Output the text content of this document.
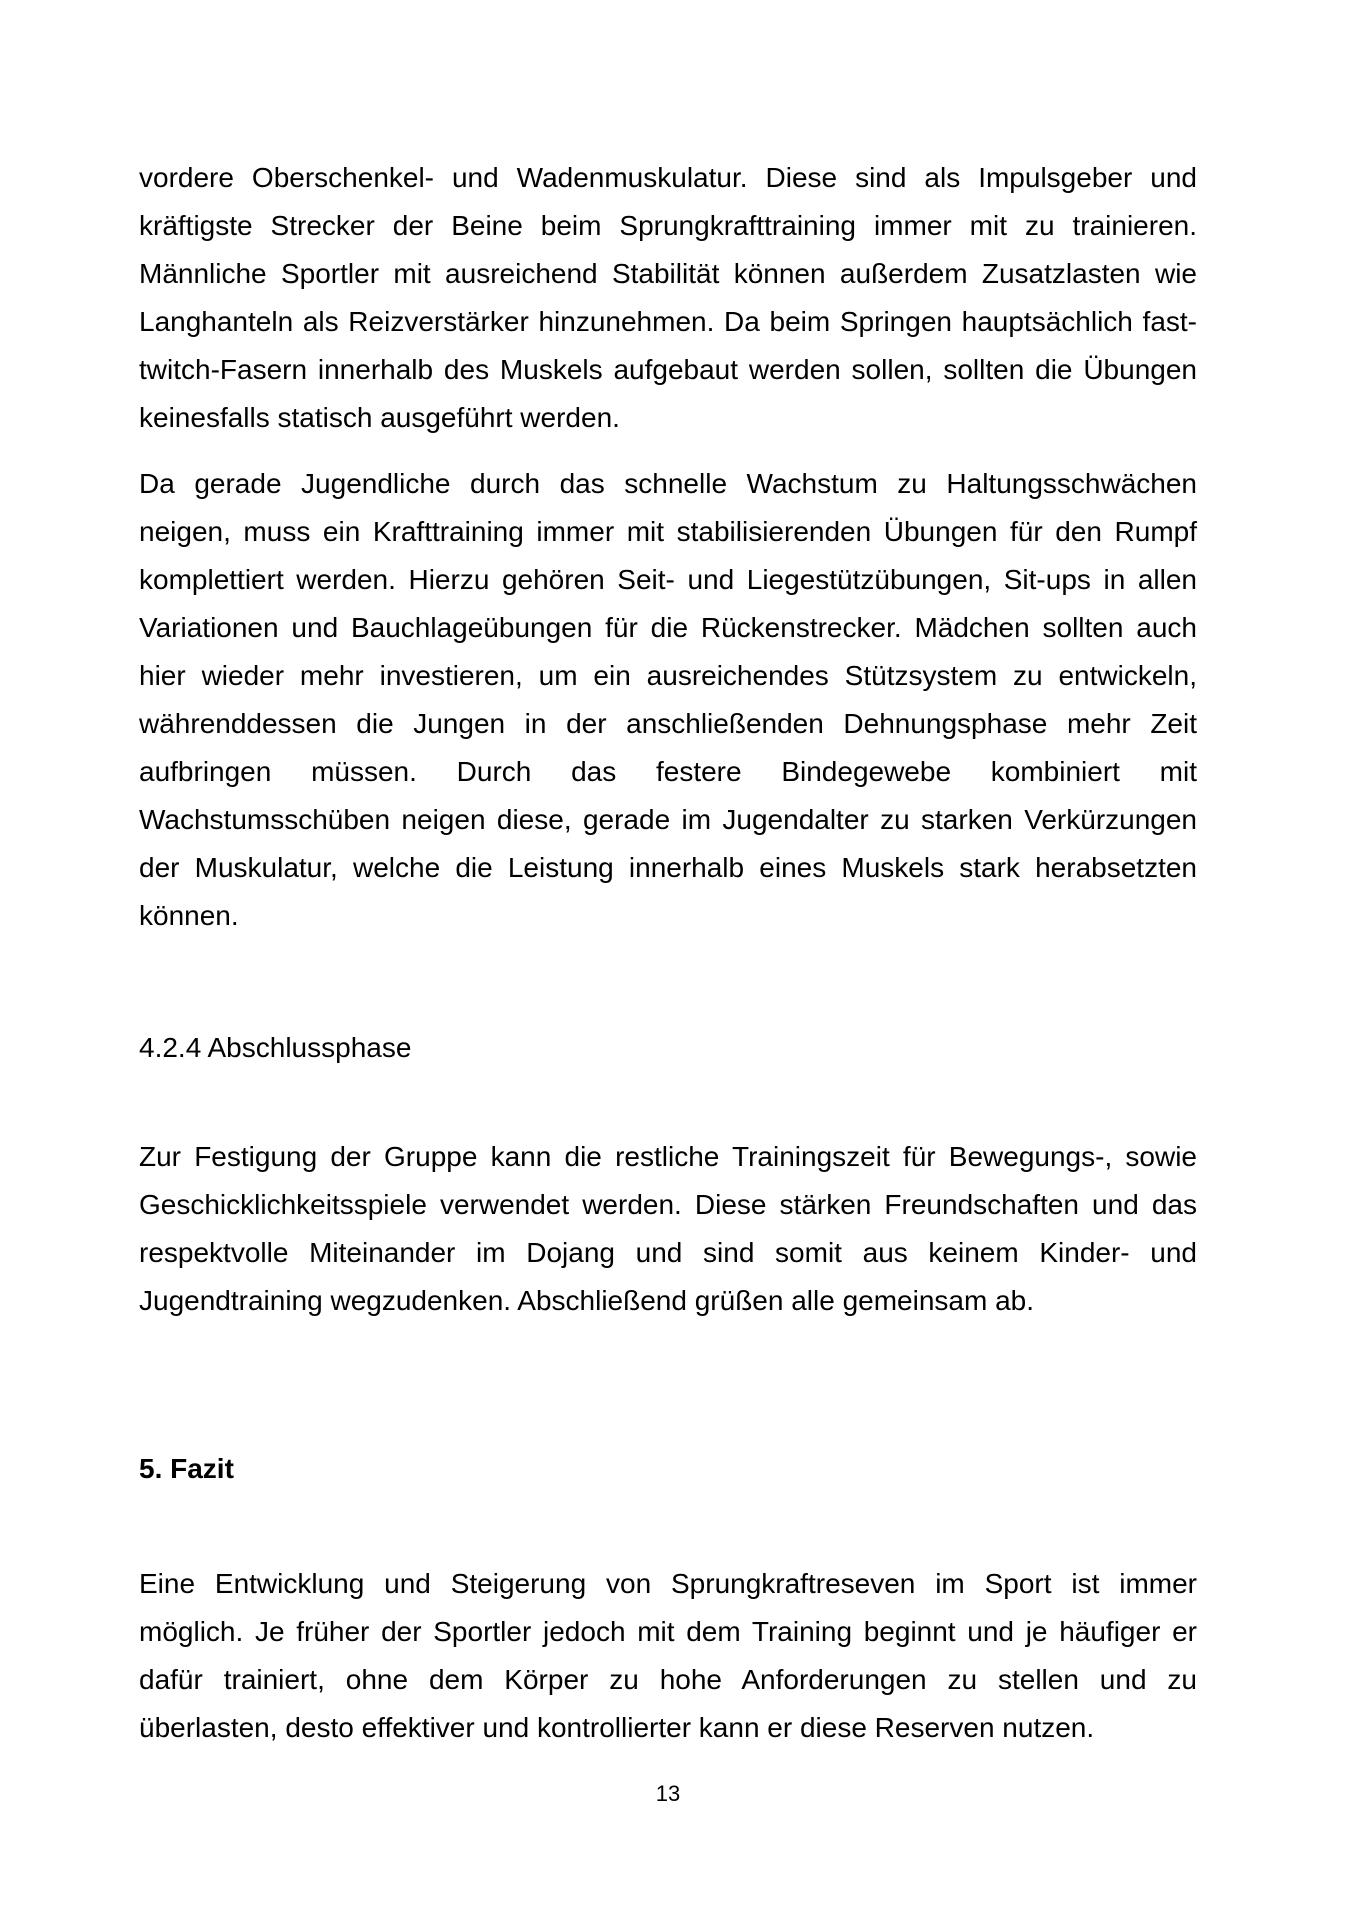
vordere Oberschenkel- und Wadenmuskulatur. Diese sind als Impulsgeber und
kräftigste Strecker der Beine beim Sprungkrafttraining immer mit zu trainieren.
Männliche Sportler mit ausreichend Stabilität können außerdem Zusatzlasten wie
Langhanteln als Reizverstärker hinzunehmen. Da beim Springen hauptsächlich fast-
twitch-Fasern innerhalb des Muskels aufgebaut werden sollen, sollten die Übungen
keinesfalls statisch ausgeführt werden.
Da gerade Jugendliche durch das schnelle Wachstum zu Haltungsschwächen
neigen, muss ein Krafttraining immer mit stabilisierenden Übungen für den Rumpf
komplettiert werden. Hierzu gehören Seit- und Liegestützübungen, Sit-ups in allen
Variationen und Bauchlageübungen für die Rückenstrecker. Mädchen sollten auch
hier wieder mehr investieren, um ein ausreichendes Stützsystem zu entwickeln,
währenddessen die Jungen in der anschließenden Dehnungsphase mehr Zeit
aufbringen müssen. Durch das festere Bindegewebe kombiniert mit
Wachstumsschüben neigen diese, gerade im Jugendalter zu starken Verkürzungen
der Muskulatur, welche die Leistung innerhalb eines Muskels stark herabsetzten
können.
4.2.4 Abschlussphase
Zur Festigung der Gruppe kann die restliche Trainingszeit für Bewegungs-, sowie
Geschicklichkeitsspiele verwendet werden. Diese stärken Freundschaften und das
respektvolle Miteinander im Dojang und sind somit aus keinem Kinder- und
Jugendtraining wegzudenken. Abschließend grüßen alle gemeinsam ab.
5. Fazit
Eine Entwicklung und Steigerung von Sprungkraftreseven im Sport ist immer
möglich. Je früher der Sportler jedoch mit dem Training beginnt und je häufiger er
dafür trainiert, ohne dem Körper zu hohe Anforderungen zu stellen und zu
überlasten, desto effektiver und kontrollierter kann er diese Reserven nutzen.
13
